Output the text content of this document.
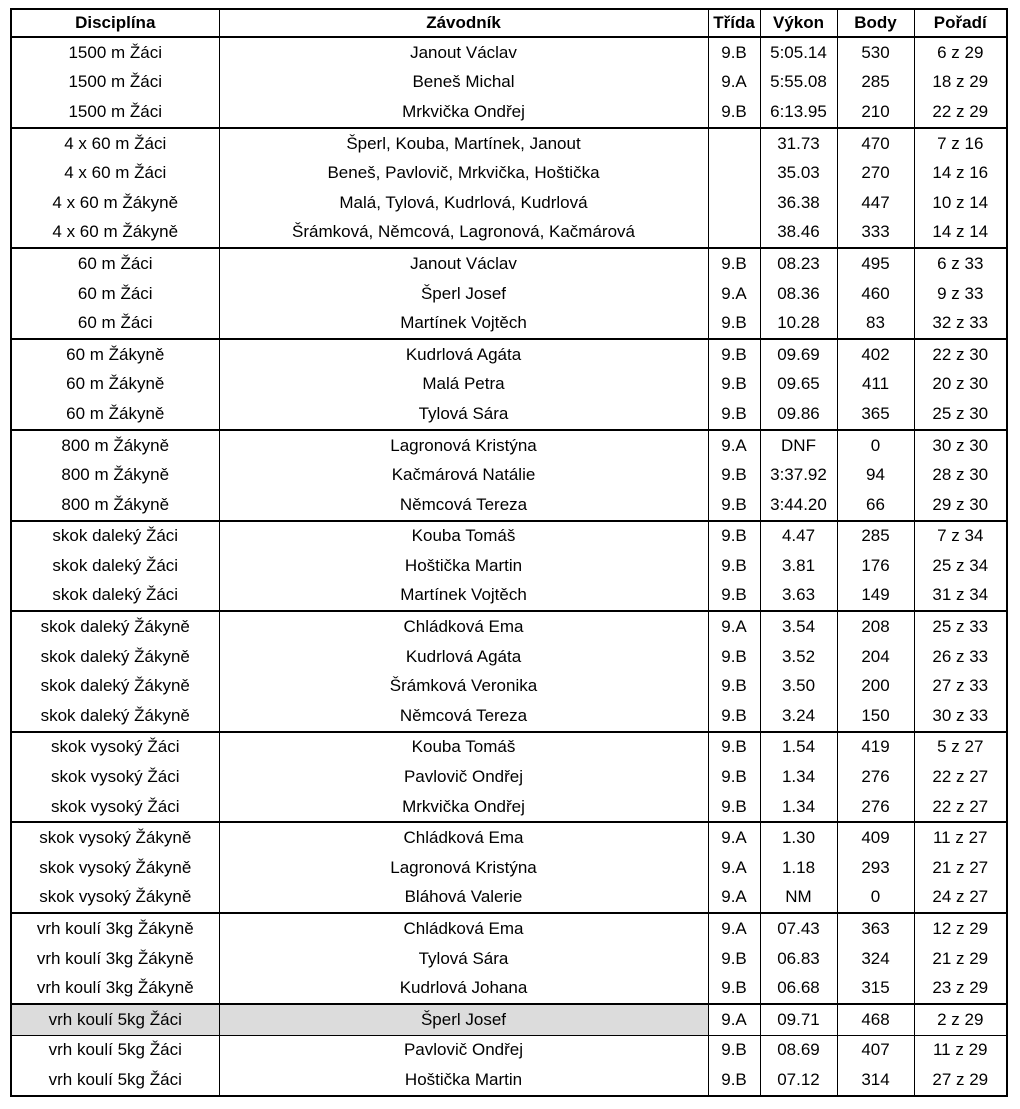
Disciplína	Závodník	Třída	Výkon	Body	Pořadí
1500 m Žáci	Janout Václav	9.B	5:05.14	530	6 z 29
1500 m Žáci	Beneš Michal	9.A	5:55.08	285	18 z 29
1500 m Žáci	Mrkvička Ondřej	9.B	6:13.95	210	22 z 29
4 x 60 m Žáci	Šperl, Kouba, Martínek, Janout		31.73	470	7 z 16
4 x 60 m Žáci	Beneš, Pavlovič, Mrkvička, Hoštička		35.03	270	14 z 16
4 x 60 m Žákyně	Malá, Tylová, Kudrlová, Kudrlová		36.38	447	10 z 14
4 x 60 m Žákyně	Šrámková, Němcová, Lagronová, Kačmárová		38.46	333	14 z 14
60 m Žáci	Janout Václav	9.B	08.23	495	6 z 33
60 m Žáci	Šperl Josef	9.A	08.36	460	9 z 33
60 m Žáci	Martínek Vojtěch	9.B	10.28	83	32 z 33
60 m Žákyně	Kudrlová Agáta	9.B	09.69	402	22 z 30
60 m Žákyně	Malá Petra	9.B	09.65	411	20 z 30
60 m Žákyně	Tylová Sára	9.B	09.86	365	25 z 30
800 m Žákyně	Lagronová Kristýna	9.A	DNF	0	30 z 30
800 m Žákyně	Kačmárová Natálie	9.B	3:37.92	94	28 z 30
800 m Žákyně	Němcová Tereza	9.B	3:44.20	66	29 z 30
skok daleký Žáci	Kouba Tomáš	9.B	4.47	285	7 z 34
skok daleký Žáci	Hoštička Martin	9.B	3.81	176	25 z 34
skok daleký Žáci	Martínek Vojtěch	9.B	3.63	149	31 z 34
skok daleký Žákyně	Chládková Ema	9.A	3.54	208	25 z 33
skok daleký Žákyně	Kudrlová Agáta	9.B	3.52	204	26 z 33
skok daleký Žákyně	Šrámková Veronika	9.B	3.50	200	27 z 33
skok daleký Žákyně	Němcová Tereza	9.B	3.24	150	30 z 33
skok vysoký Žáci	Kouba Tomáš	9.B	1.54	419	5 z 27
skok vysoký Žáci	Pavlovič Ondřej	9.B	1.34	276	22 z 27
skok vysoký Žáci	Mrkvička Ondřej	9.B	1.34	276	22 z 27
skok vysoký Žákyně	Chládková Ema	9.A	1.30	409	11 z 27
skok vysoký Žákyně	Lagronová Kristýna	9.A	1.18	293	21 z 27
skok vysoký Žákyně	Bláhová Valerie	9.A	NM	0	24 z 27
vrh koulí 3kg Žákyně	Chládková Ema	9.A	07.43	363	12 z 29
vrh koulí 3kg Žákyně	Tylová Sára	9.B	06.83	324	21 z 29
vrh koulí 3kg Žákyně	Kudrlová Johana	9.B	06.68	315	23 z 29
vrh koulí 5kg Žáci	Šperl Josef	9.A	09.71	468	2 z 29
vrh koulí 5kg Žáci	Pavlovič Ondřej	9.B	08.69	407	11 z 29
vrh koulí 5kg Žáci	Hoštička Martin	9.B	07.12	314	27 z 29
